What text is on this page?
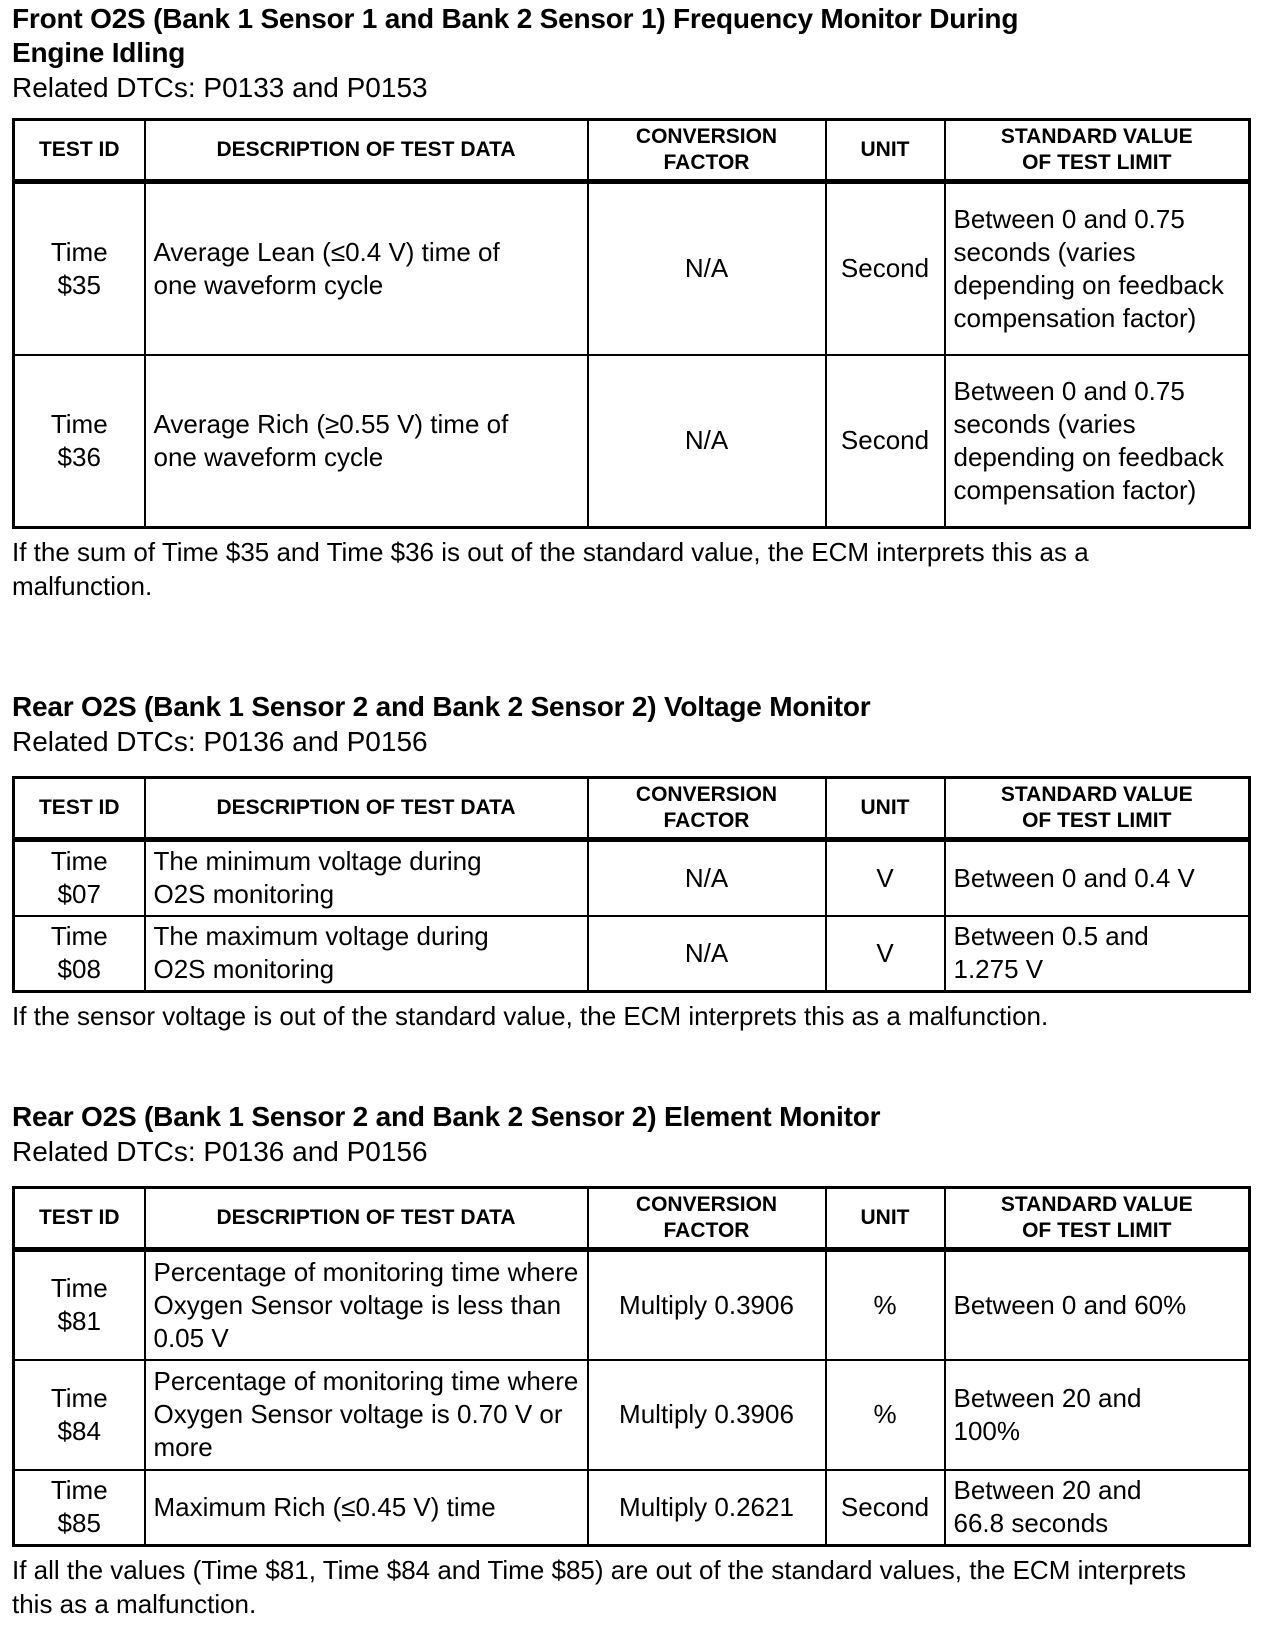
Front O2S (Bank 1 Sensor 1 and Bank 2 Sensor 1) Frequency Monitor During
Engine Idling

Related DTCs: P0133 and P0153

TEST ID	DESCRIPTION OF TEST DATA	CONVERSION
FACTOR	UNIT	STANDARD VALUE
OF TEST LIMIT
Time
$35	Average Lean (≤0.4 V) time of one waveform cycle	N/A	Second	Between 0 and 0.75 seconds (varies depending on feedback compensation factor)
Time
$36	Average Rich (≥0.55 V) time of one waveform cycle	N/A	Second	Between 0 and 0.75 seconds (varies depending on feedback compensation factor)

If the sum of Time $35 and Time $36 is out of the standard value, the ECM interprets this as a malfunction.

Rear O2S (Bank 1 Sensor 2 and Bank 2 Sensor 2) Voltage Monitor

Related DTCs: P0136 and P0156

TEST ID	DESCRIPTION OF TEST DATA	CONVERSION
FACTOR	UNIT	STANDARD VALUE
OF TEST LIMIT
Time
$07	The minimum voltage during O2S monitoring	N/A	V	Between 0 and 0.4 V
Time
$08	The maximum voltage during O2S monitoring	N/A	V	Between 0.5 and 1.275 V

If the sensor voltage is out of the standard value, the ECM interprets this as a malfunction.

Rear O2S (Bank 1 Sensor 2 and Bank 2 Sensor 2) Element Monitor

Related DTCs: P0136 and P0156

TEST ID	DESCRIPTION OF TEST DATA	CONVERSION
FACTOR	UNIT	STANDARD VALUE
OF TEST LIMIT
Time
$81	Percentage of monitoring time where Oxygen Sensor voltage is less than 0.05 V	Multiply 0.3906	%	Between 0 and 60%
Time
$84	Percentage of monitoring time where Oxygen Sensor voltage is 0.70 V or more	Multiply 0.3906	%	Between 20 and 100%
Time
$85	Maximum Rich (≤0.45 V) time	Multiply 0.2621	Second	Between 20 and 66.8 seconds

If all the values (Time $81, Time $84 and Time $85) are out of the standard values, the ECM interprets this as a malfunction.
